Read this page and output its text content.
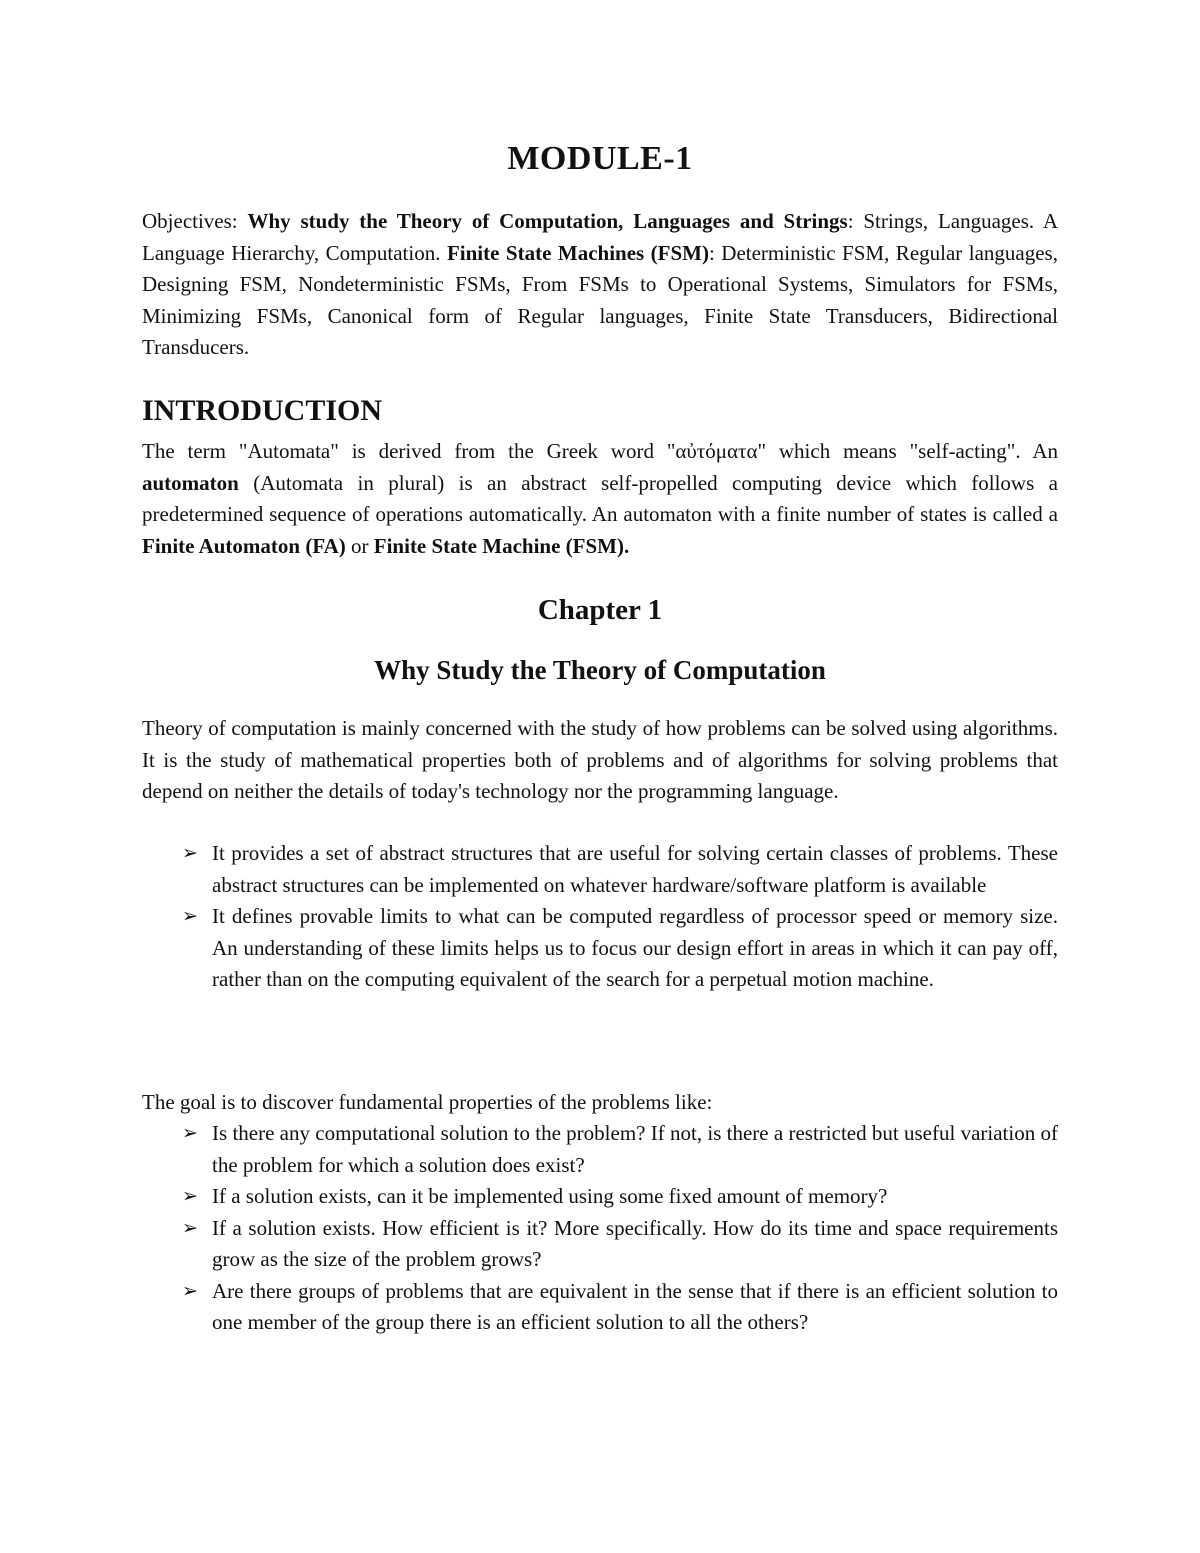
MODULE-1

Objectives: Why study the Theory of Computation, Languages and Strings: Strings, Languages. A Language Hierarchy, Computation. Finite State Machines (FSM): Deterministic FSM, Regular languages, Designing FSM, Nondeterministic FSMs, From FSMs to Operational Systems, Simulators for FSMs, Minimizing FSMs, Canonical form of Regular languages, Finite State Transducers, Bidirectional Transducers.

INTRODUCTION

The term "Automata" is derived from the Greek word "αὐτόματα" which means "self-acting". An automaton (Automata in plural) is an abstract self-propelled computing device which follows a predetermined sequence of operations automatically. An automaton with a finite number of states is called a Finite Automaton (FA) or Finite State Machine (FSM).

Chapter 1
Why Study the Theory of Computation

Theory of computation is mainly concerned with the study of how problems can be solved using algorithms. It is the study of mathematical properties both of problems and of algorithms for solving problems that depend on neither the details of today's technology nor the programming language.

➢ It provides a set of abstract structures that are useful for solving certain classes of problems. These abstract structures can be implemented on whatever hardware/software platform is available
➢ It defines provable limits to what can be computed regardless of processor speed or memory size. An understanding of these limits helps us to focus our design effort in areas in which it can pay off, rather than on the computing equivalent of the search for a perpetual motion machine.
The goal is to discover fundamental properties of the problems like:
➢ Is there any computational solution to the problem? If not, is there a restricted but useful variation of the problem for which a solution does exist?
➢ If a solution exists, can it be implemented using some fixed amount of memory?
➢ If a solution exists. How efficient is it? More specifically. How do its time and space requirements grow as the size of the problem grows?
➢ Are there groups of problems that are equivalent in the sense that if there is an efficient solution to one member of the group there is an efficient solution to all the others?
